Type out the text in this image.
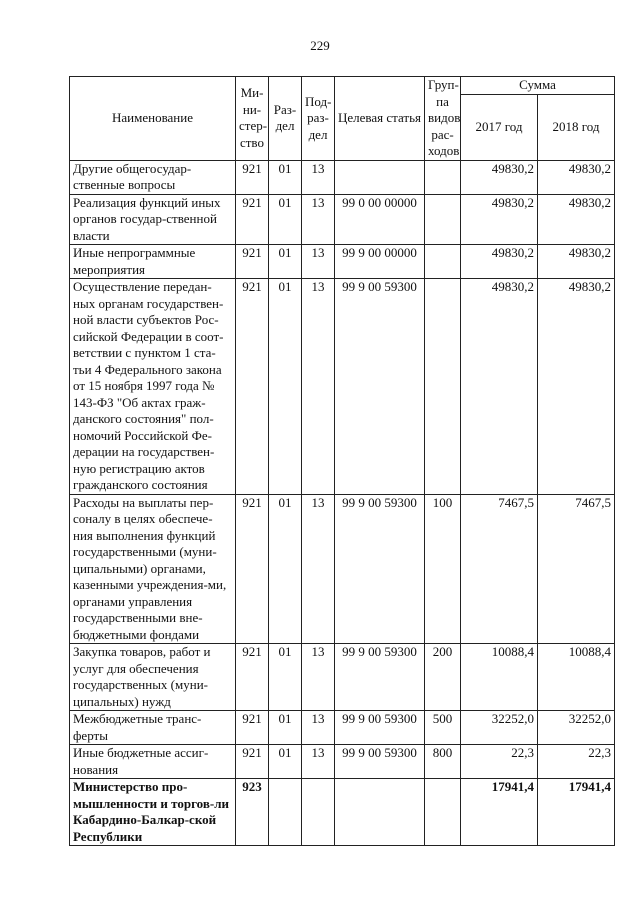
229
Наименование	Ми-ни-стер-ство	Раз-дел	Под-раз-дел	Целевая статья	Груп-па видов рас-ходов	Сумма	
						2017 год	2018 год
Другие общегосудар-ственные вопросы	921	01	13			49830,2	49830,2
Реализация функций иных органов государ-ственной власти	921	01	13	99 0 00 00000		49830,2	49830,2
Иные непрограммные мероприятия	921	01	13	99 9 00 00000		49830,2	49830,2
Осуществление передан-ных органам государствен-ной власти субъектов Рос-сийской Федерации в соот-ветствии с пунктом 1 ста-тьи 4 Федерального закона от 15 ноября 1997 года № 143-ФЗ "Об актах граж-данского состояния" пол-номочий Российской Фе-дерации на государствен-ную регистрацию актов гражданского состояния	921	01	13	99 9 00 59300		49830,2	49830,2
Расходы на выплаты пер-соналу в целях обеспече-ния выполнения функций государственными (муни-ципальными) органами, казенными учреждения-ми, органами управления государственными вне-бюджетными фондами	921	01	13	99 9 00 59300	100	7467,5	7467,5
Закупка товаров, работ и услуг для обеспечения государственных (муни-ципальных) нужд	921	01	13	99 9 00 59300	200	10088,4	10088,4
Межбюджетные транс-ферты	921	01	13	99 9 00 59300	500	32252,0	32252,0
Иные бюджетные ассиг-нования	921	01	13	99 9 00 59300	800	22,3	22,3
Министерство про-мышленности и торгов-ли Кабардино-Балкар-ской Республики	923					17941,4	17941,4
